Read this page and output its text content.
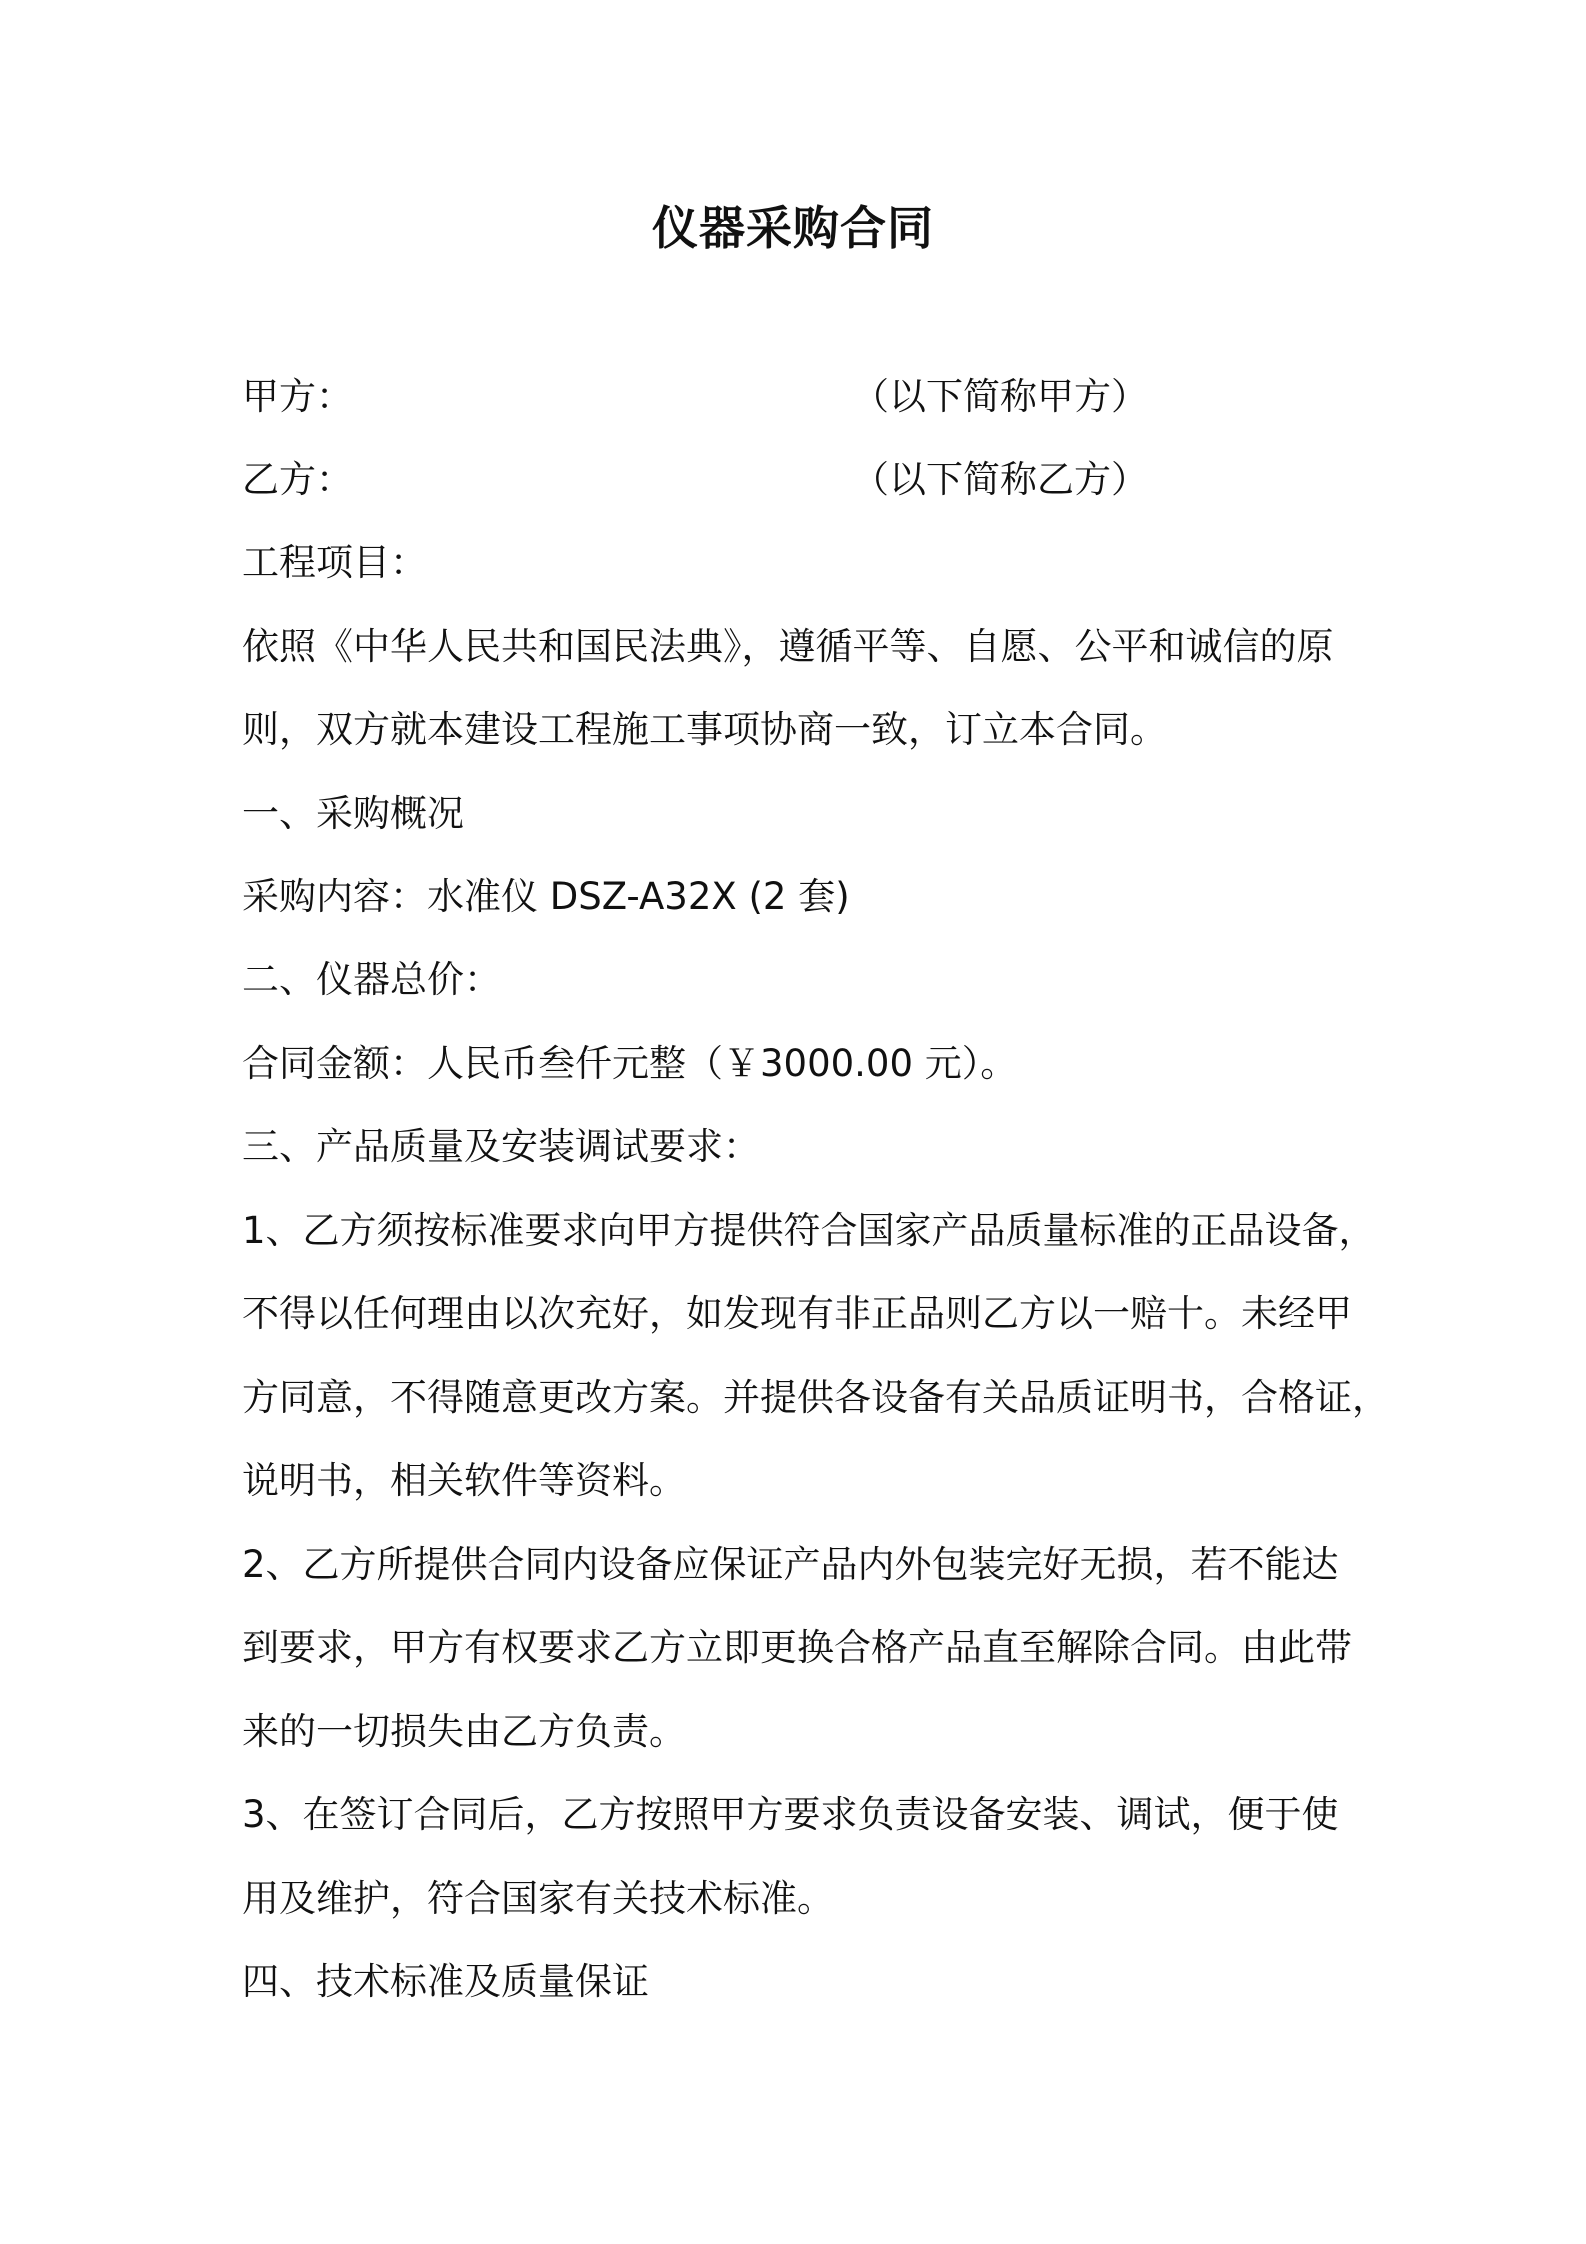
仪器采购合同
甲方：	（以下简称甲方）
乙方：	（以下简称乙方）
工程项目：
依照《中华人民共和国民法典》，遵循平等、自愿、公平和诚信的原
则，双方就本建设工程施工事项协商一致，订立本合同。
一、采购概况
采购内容：水准仪 DSZ-A32X (2 套)
二、仪器总价：
合同金额：人民币叁仟元整（￥3000.00 元）。
三、产品质量及安装调试要求：
1、乙方须按标准要求向甲方提供符合国家产品质量标准的正品设备，
不得以任何理由以次充好，如发现有非正品则乙方以一赔十。未经甲
方同意，不得随意更改方案。并提供各设备有关品质证明书，合格证，
说明书，相关软件等资料。
2、乙方所提供合同内设备应保证产品内外包装完好无损，若不能达
到要求，甲方有权要求乙方立即更换合格产品直至解除合同。由此带
来的一切损失由乙方负责。
3、在签订合同后，乙方按照甲方要求负责设备安装、调试，便于使
用及维护，符合国家有关技术标准。
四、技术标准及质量保证
